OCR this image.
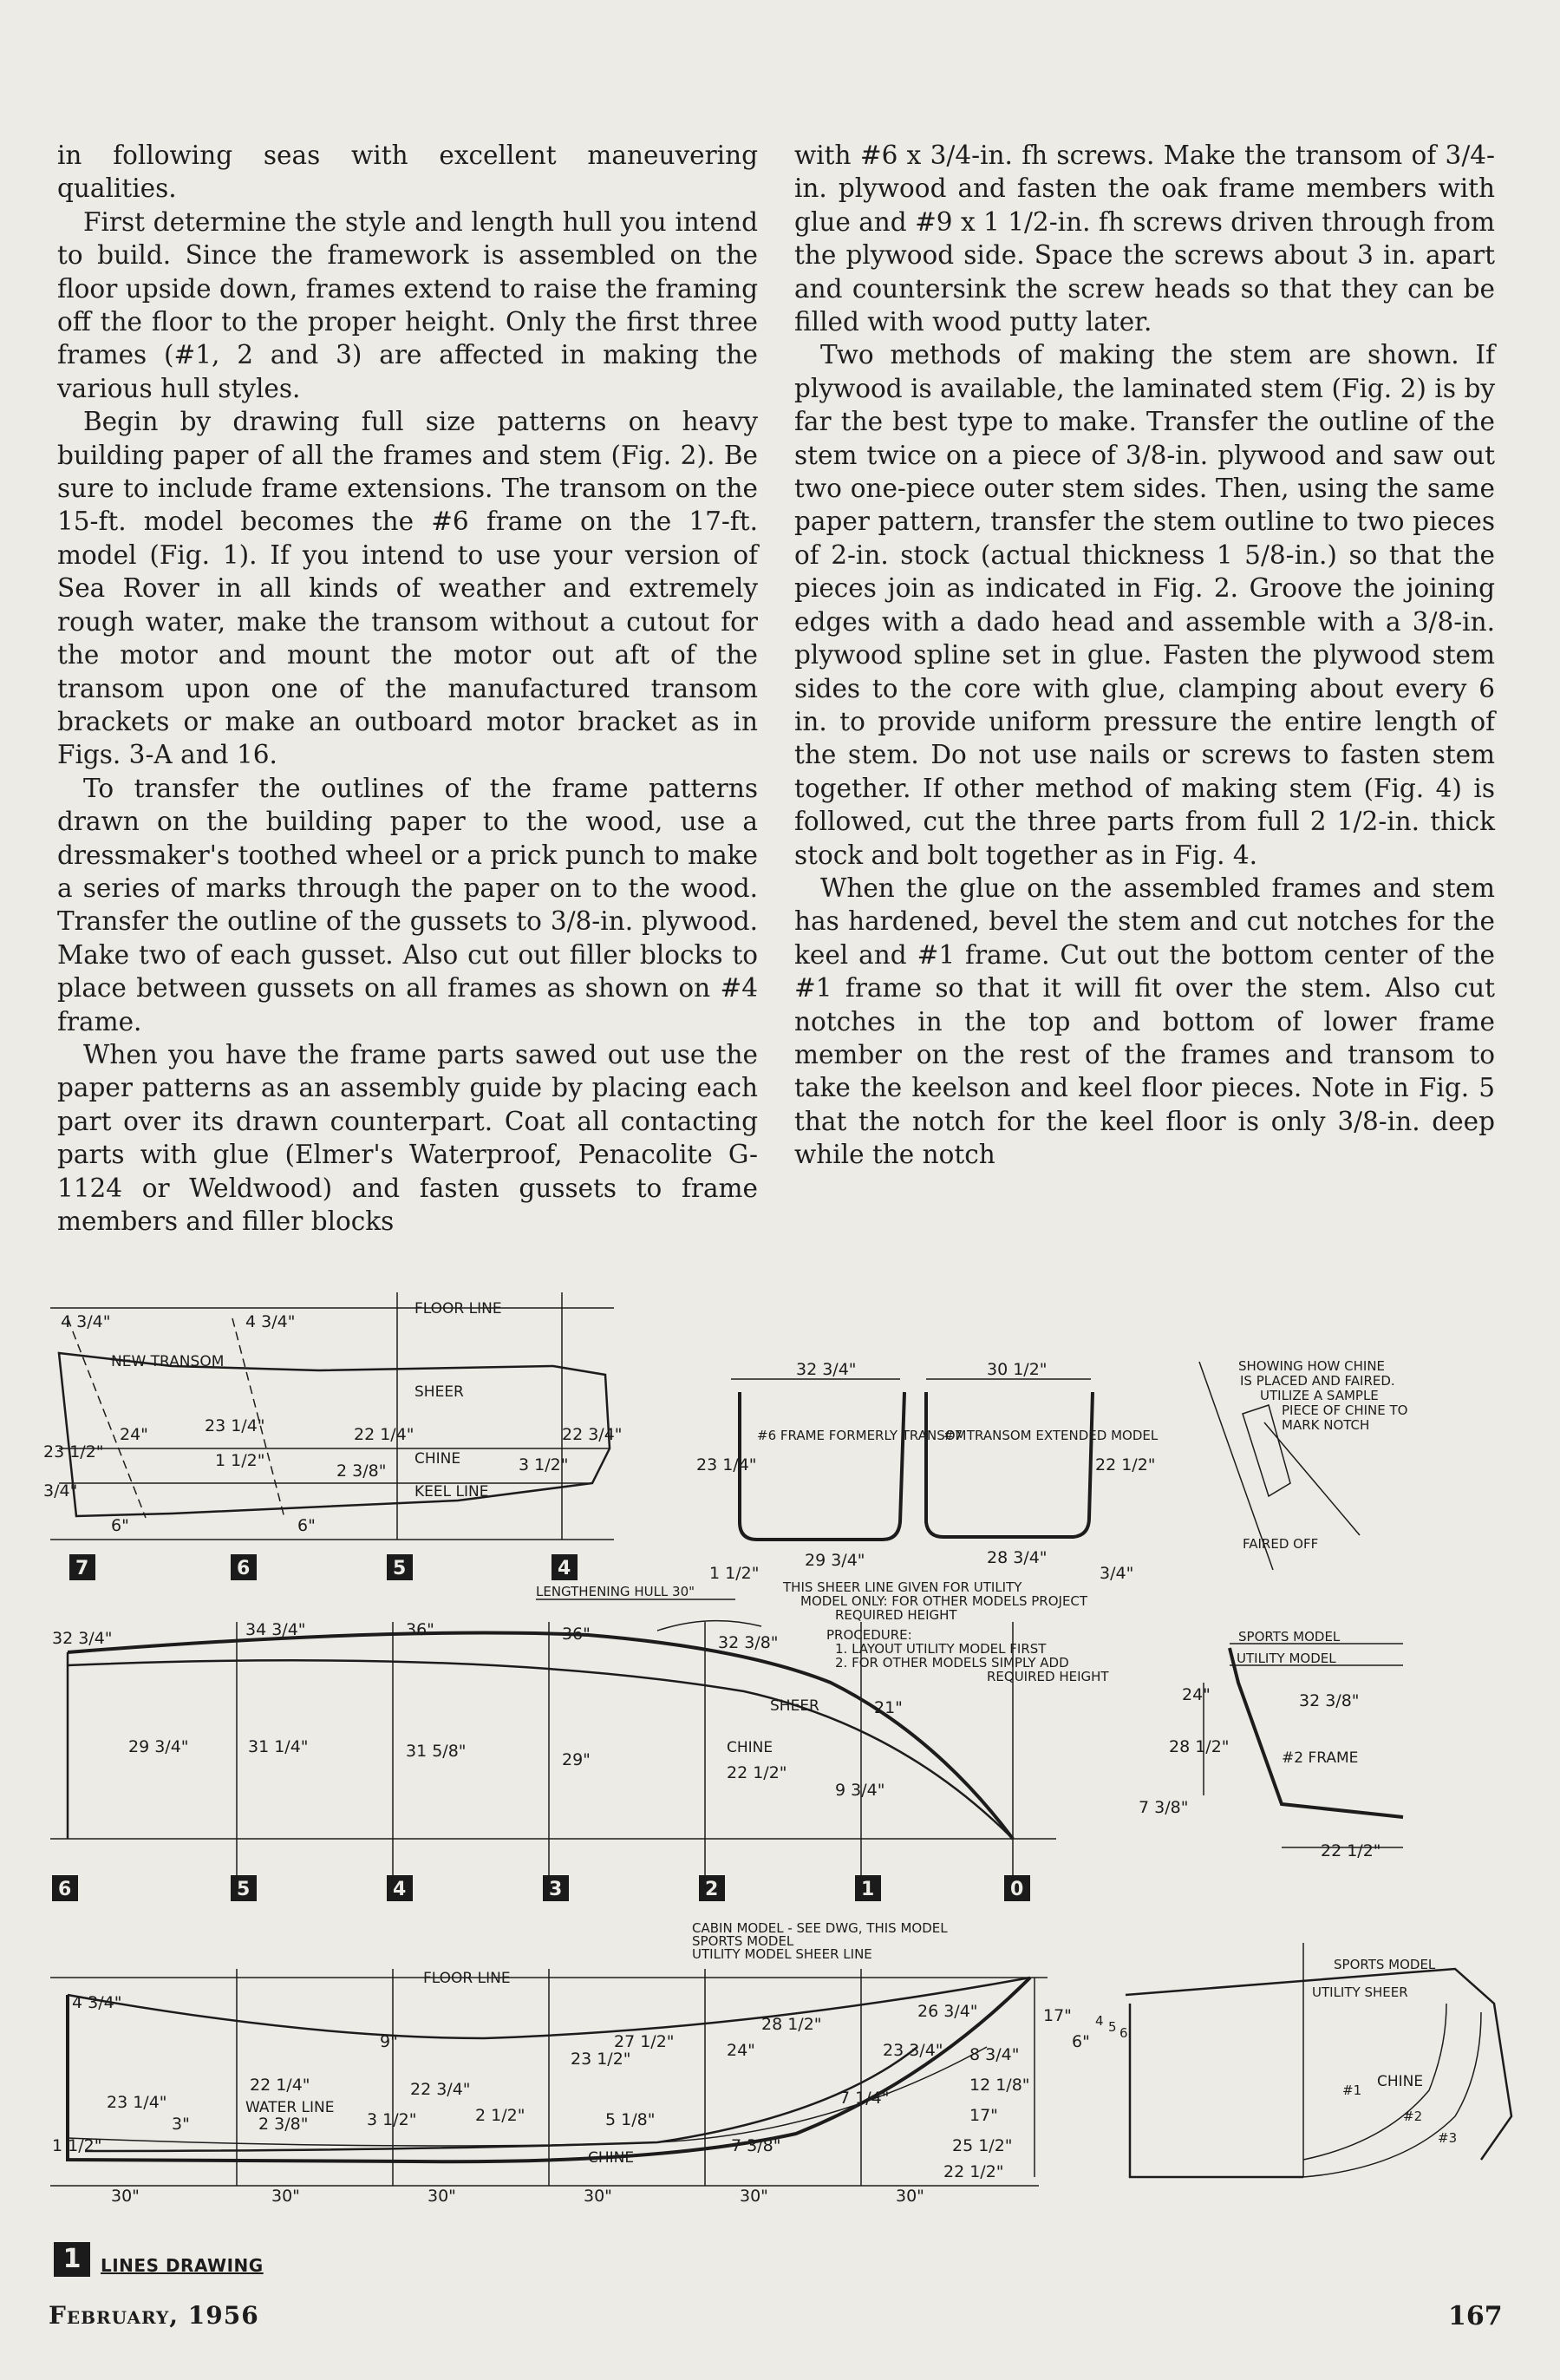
in following seas with excellent maneuvering qualities.

First determine the style and length hull you intend to build. Since the framework is assembled on the floor upside down, frames extend to raise the framing off the floor to the proper height. Only the first three frames (#1, 2 and 3) are affected in making the various hull styles.

Begin by drawing full size patterns on heavy building paper of all the frames and stem (Fig. 2). Be sure to include frame extensions. The transom on the 15-ft. model becomes the #6 frame on the 17-ft. model (Fig. 1). If you intend to use your version of Sea Rover in all kinds of weather and extremely rough water, make the transom without a cutout for the motor and mount the motor out aft of the transom upon one of the manufactured transom brackets or make an outboard motor bracket as in Figs. 3-A and 16.

To transfer the outlines of the frame patterns drawn on the building paper to the wood, use a dressmaker's toothed wheel or a prick punch to make a series of marks through the paper on to the wood. Transfer the outline of the gussets to 3/8-in. plywood. Make two of each gusset. Also cut out filler blocks to place between gussets on all frames as shown on #4 frame.

When you have the frame parts sawed out use the paper patterns as an assembly guide by placing each part over its drawn counterpart. Coat all contacting parts with glue (Elmer's Waterproof, Penacolite G-1124 or Weldwood) and fasten gussets to frame members and filler blocks

with #6 x 3/4-in. fh screws. Make the transom of 3/4-in. plywood and fasten the oak frame members with glue and #9 x 1 1/2-in. fh screws driven through from the plywood side. Space the screws about 3 in. apart and countersink the screw heads so that they can be filled with wood putty later.

Two methods of making the stem are shown. If plywood is available, the laminated stem (Fig. 2) is by far the best type to make. Transfer the outline of the stem twice on a piece of 3/8-in. plywood and saw out two one-piece outer stem sides. Then, using the same paper pattern, transfer the stem outline to two pieces of 2-in. stock (actual thickness 1 5/8-in.) so that the pieces join as indicated in Fig. 2. Groove the joining edges with a dado head and assemble with a 3/8-in. plywood spline set in glue. Fasten the plywood stem sides to the core with glue, clamping about every 6 in. to provide uniform pressure the entire length of the stem. Do not use nails or screws to fasten stem together. If other method of making stem (Fig. 4) is followed, cut the three parts from full 2 1/2-in. thick stock and bolt together as in Fig. 4.

When the glue on the assembled frames and stem has hardened, bevel the stem and cut notches for the keel and #1 frame. Cut out the bottom center of the #1 frame so that it will fit over the stem. Also cut notches in the top and bottom of lower frame member on the rest of the frames and transom to take the keelson and keel floor pieces. Note in Fig. 5 that the notch for the keel floor is only 3/8-in. deep while the notch

FLOOR LINE
NEW TRANSOM
SHEER
CHINE
KEEL LINE
4 3/4"	4 3/4"
24"	23 1/4"	22 1/4"	22 3/4"
23 1/2"
3/4"
1 1/2"
2 3/8"	3 1/2"
6"	6"
7	6	5	4
32 3/4"
#6 FRAME FORMERLY TRANSOM
23 1/4"
29 3/4"
1 1/2"
30 1/2"
#7 TRANSOM EXTENDED MODEL
22 1/2"
28 3/4"
3/4"
SHOWING HOW CHINE
IS PLACED AND FAIRED.
UTILIZE A SAMPLE
PIECE OF CHINE TO
MARK NOTCH
FAIRED OFF
LENGTHENING HULL 30"	THIS SHEER LINE GIVEN FOR UTILITY
MODEL ONLY: FOR OTHER MODELS PROJECT
REQUIRED HEIGHT
PROCEDURE:
1. LAYOUT UTILITY MODEL FIRST
2. FOR OTHER MODELS SIMPLY ADD
REQUIRED HEIGHT
32 3/4"	34 3/4"	36"	36"	32 3/8"
21"
29 3/4"	31 1/4"	31 5/8"	29"
22 1/2"
9 3/4"
SHEER
CHINE
6	5	4	3	2	1	0
SPORTS MODEL
UTILITY MODEL
24"	32 3/8"
28 1/2"
#2 FRAME
7 3/8"
22 1/2"
CABIN MODEL - SEE DWG, THIS MODEL
SPORTS MODEL
UTILITY MODEL SHEER LINE
FLOOR LINE
4 3/4"
9"	27 1/2"
28 1/2"
26 3/4"
23 1/4"
22 1/4"	22 3/4"
23 1/2"	24"	23 3/4"
7 1/4"
3"	2 3/8"	3 1/2"	2 1/2"	5 1/8"
7 3/8"
1 1/2"
17"
8 3/4"
6"
12 1/8"
17"
25 1/2"
22 1/2"
WATER LINE
CHINE
30"	30"	30"	30"	30"	30"
SPORTS MODEL
UTILITY SHEER
#1
#2
#3
4 5 6
CHINE
1	LINES DRAWING
February, 1956	167
